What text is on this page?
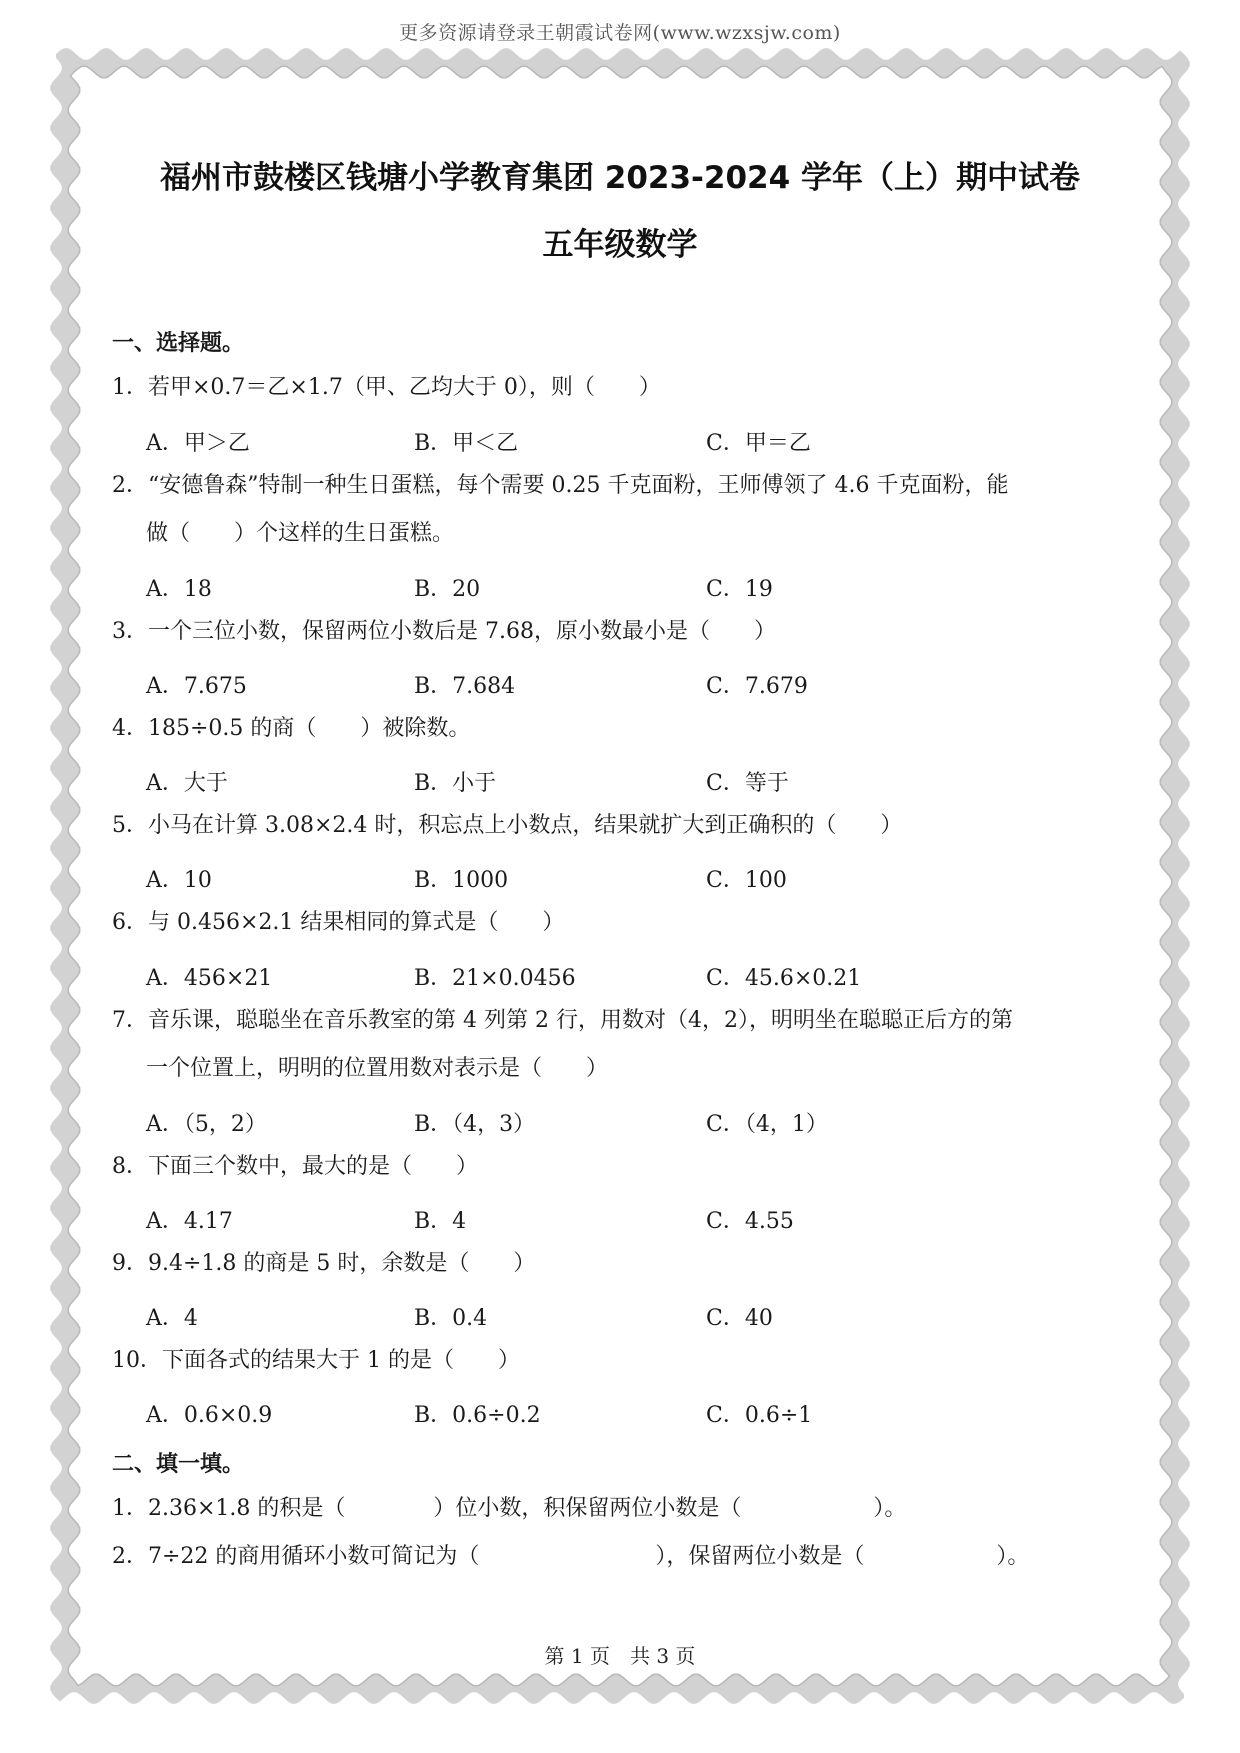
更多资源请登录王朝霞试卷网(www.wzxsjw.com)
福州市鼓楼区钱塘小学教育集团 2023-2024 学年（上）期中试卷
五年级数学
一、选择题。
1．若甲×0.7＝乙×1.7（甲、乙均大于 0），则（　　）
A．甲＞乙	B．甲＜乙	C．甲＝乙
2．“安德鲁森”特制一种生日蛋糕，每个需要 0.25 千克面粉，王师傅领了 4.6 千克面粉，能
做（　　）个这样的生日蛋糕。
A．18	B．20	C．19
3．一个三位小数，保留两位小数后是 7.68，原小数最小是（　　）
A．7.675	B．7.684	C．7.679
4．185÷0.5 的商（　　）被除数。
A．大于	B．小于	C．等于
5．小马在计算 3.08×2.4 时，积忘点上小数点，结果就扩大到正确积的（　　）
A．10	B．1000	C．100
6．与 0.456×2.1 结果相同的算式是（　　）
A．456×21	B．21×0.0456	C．45.6×0.21
7．音乐课，聪聪坐在音乐教室的第 4 列第 2 行，用数对（4，2），明明坐在聪聪正后方的第
一个位置上，明明的位置用数对表示是（　　）
A．（5，2）	B．（4，3）	C．（4，1）
8．下面三个数中，最大的是（　　）
A．4.17	B．4	C．4.55
9．9.4÷1.8 的商是 5 时，余数是（　　）
A．4	B．0.4	C．40
10．下面各式的结果大于 1 的是（　　）
A．0.6×0.9	B．0.6÷0.2	C．0.6÷1
二、填一填。
1．2.36×1.8 的积是（　　　　）位小数，积保留两位小数是（　　　　　　）。
2．7÷22 的商用循环小数可简记为（　　　　　　　　），保留两位小数是（　　　　　　）。
第 1 页　共 3 页
